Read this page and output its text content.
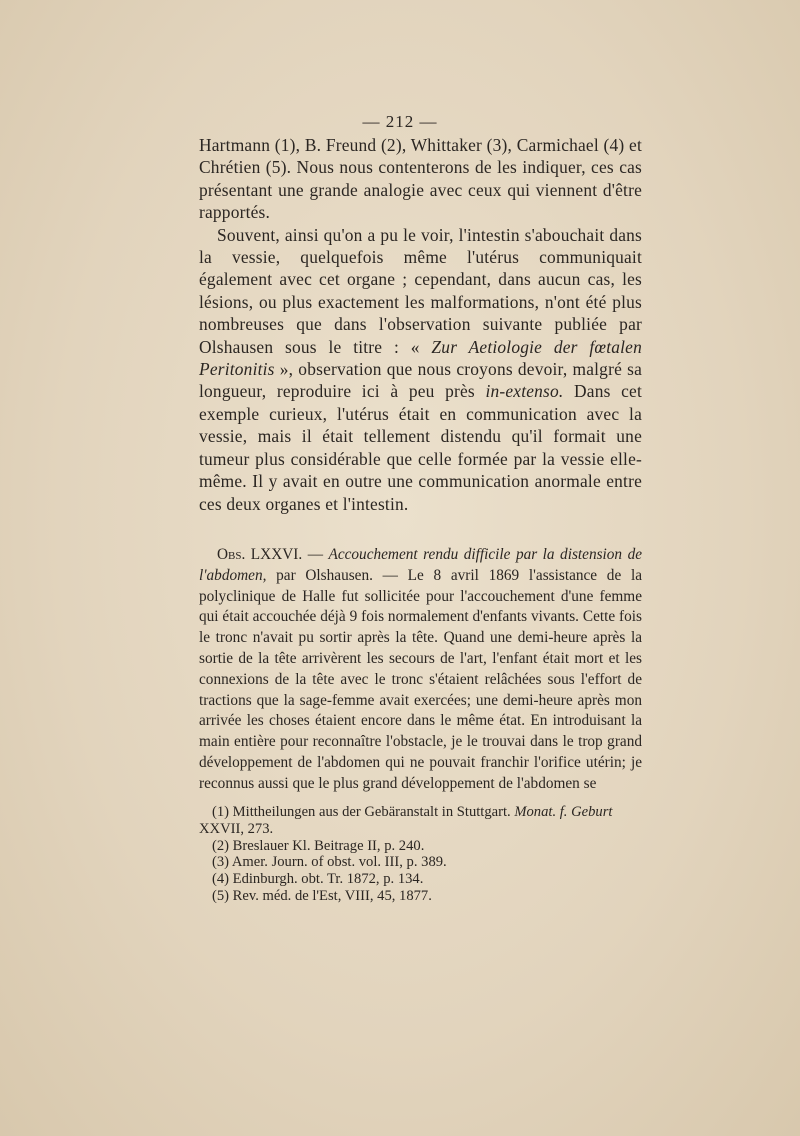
— 212 —

Hartmann (1), B. Freund (2), Whittaker (3), Carmichael (4) et Chrétien (5). Nous nous contenterons de les indiquer, ces cas présentant une grande analogie avec ceux qui viennent d'être rapportés.

Souvent, ainsi qu'on a pu le voir, l'intestin s'abouchait dans la vessie, quelquefois même l'utérus communiquait également avec cet organe ; cependant, dans aucun cas, les lésions, ou plus exactement les malformations, n'ont été plus nombreuses que dans l'observation suivante publiée par Olshausen sous le titre : « Zur Aetiologie der fœtalen Peritonitis », observation que nous croyons devoir, malgré sa longueur, reproduire ici à peu près in-extenso. Dans cet exemple curieux, l'utérus était en communication avec la vessie, mais il était tellement distendu qu'il formait une tumeur plus considérable que celle formée par la vessie elle-même. Il y avait en outre une communication anormale entre ces deux organes et l'intestin.

Obs. LXXVI. — Accouchement rendu difficile par la distension de l'abdomen, par Olshausen. — Le 8 avril 1869 l'assistance de la polyclinique de Halle fut sollicitée pour l'accouchement d'une femme qui était accouchée déjà 9 fois normalement d'enfants vivants. Cette fois le tronc n'avait pu sortir après la tête. Quand une demi-heure après la sortie de la tête arrivèrent les secours de l'art, l'enfant était mort et les connexions de la tête avec le tronc s'étaient relâchées sous l'effort de tractions que la sage-femme avait exercées; une demi-heure après mon arrivée les choses étaient encore dans le même état. En introduisant la main entière pour reconnaître l'obstacle, je le trouvai dans le trop grand développement de l'abdomen qui ne pouvait franchir l'orifice utérin; je reconnus aussi que le plus grand développement de l'abdomen se

(1) Mittheilungen aus der Gebäranstalt in Stuttgart. Monat. f. Geburt XXVII, 273.
(2) Breslauer Kl. Beitrage II, p. 240.
(3) Amer. Journ. of obst. vol. III, p. 389.
(4) Edinburgh. obt. Tr. 1872, p. 134.
(5) Rev. méd. de l'Est, VIII, 45, 1877.
